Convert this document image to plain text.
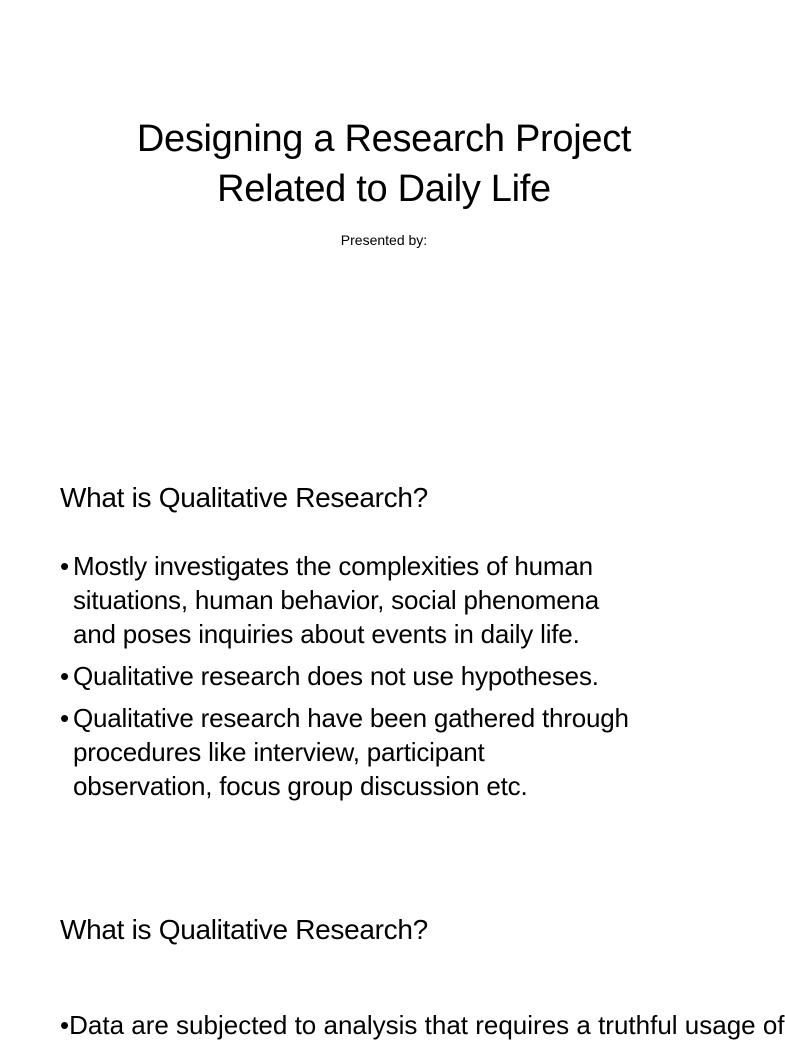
Designing a Research Project
Related to Daily Life
Presented by:
What is Qualitative Research?
• Mostly investigates the complexities of human
situations, human behavior, social phenomena
and poses inquiries about events in daily life.
• Qualitative research does not use hypotheses.
• Qualitative research have been gathered through
procedures like interview, participant
observation, focus group discussion etc.
What is Qualitative Research?
•Data are subjected to analysis that requires a truthful usage of
